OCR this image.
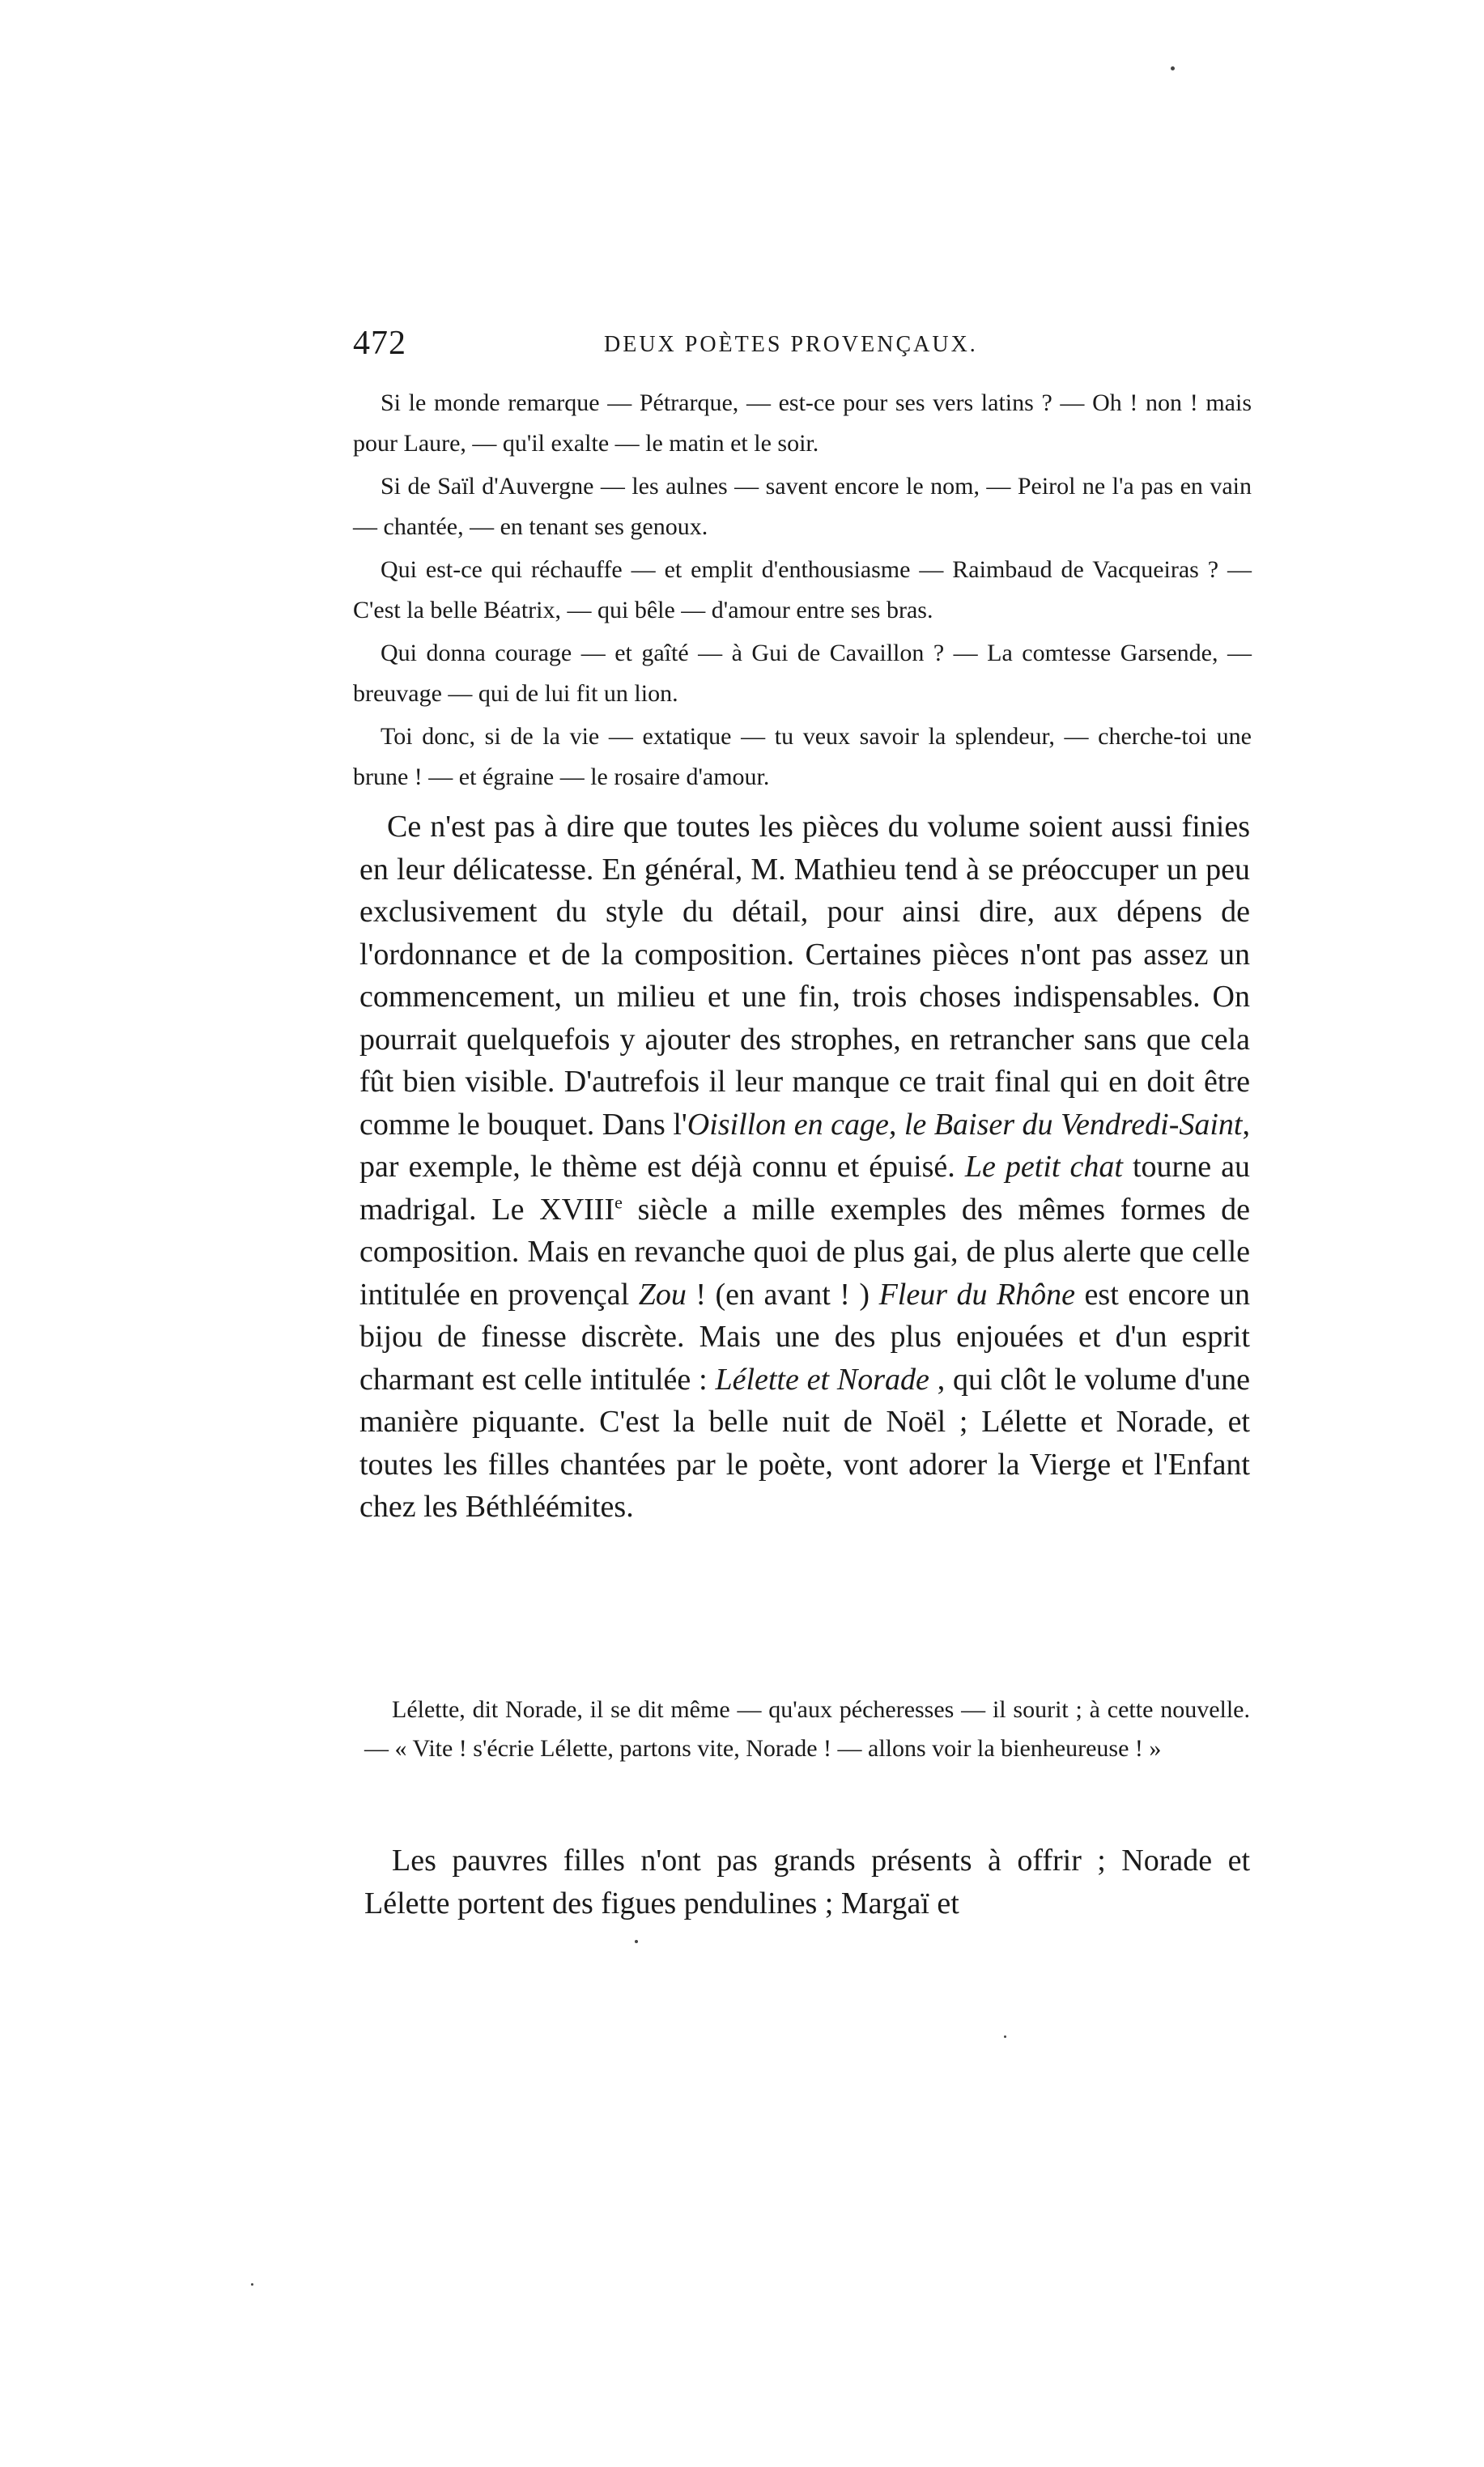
472	DEUX POÈTES PROVENÇAUX.

Si le monde remarque — Pétrarque, — est-ce pour ses vers latins ? — Oh ! non ! mais pour Laure, — qu'il exalte — le matin et le soir.

Si de Saïl d'Auvergne — les aulnes — savent encore le nom, — Peirol ne l'a pas en vain — chantée, — en tenant ses genoux.

Qui est-ce qui réchauffe — et emplit d'enthousiasme — Raimbaud de Vacqueiras ? — C'est la belle Béatrix, — qui bêle — d'amour entre ses bras.

Qui donna courage — et gaîté — à Gui de Cavaillon ? — La comtesse Garsende, — breuvage — qui de lui fit un lion.

Toi donc, si de la vie — extatique — tu veux savoir la splendeur, — cherche-toi une brune ! — et égraine — le rosaire d'amour.

Ce n'est pas à dire que toutes les pièces du volume soient aussi finies en leur délicatesse. En général, M. Mathieu tend à se préoccuper un peu exclusivement du style du détail, pour ainsi dire, aux dépens de l'ordonnance et de la composition. Certaines pièces n'ont pas assez un commencement, un milieu et une fin, trois choses indispensables. On pourrait quelquefois y ajouter des strophes, en retrancher sans que cela fût bien visible. D'autrefois il leur manque ce trait final qui en doit être comme le bouquet. Dans l'Oisillon en cage, le Baiser du Vendredi-Saint, par exemple, le thème est déjà connu et épuisé. Le petit chat tourne au madrigal. Le XVIIIe siècle a mille exemples des mêmes formes de composition. Mais en revanche quoi de plus gai, de plus alerte que celle intitulée en provençal Zou ! (en avant ! ) Fleur du Rhône est encore un bijou de finesse discrète. Mais une des plus enjouées et d'un esprit charmant est celle intitulée : Lélette et Norade , qui clôt le volume d'une manière piquante. C'est la belle nuit de Noël ; Lélette et Norade, et toutes les filles chantées par le poète, vont adorer la Vierge et l'Enfant chez les Béthléémites.

Lélette, dit Norade, il se dit même — qu'aux pécheresses — il sourit ; à cette nouvelle. — « Vite ! s'écrie Lélette, partons vite, Norade ! — allons voir la bienheureuse ! »

Les pauvres filles n'ont pas grands présents à offrir ; Norade et Lélette portent des figues pendulines ; Margaï et
